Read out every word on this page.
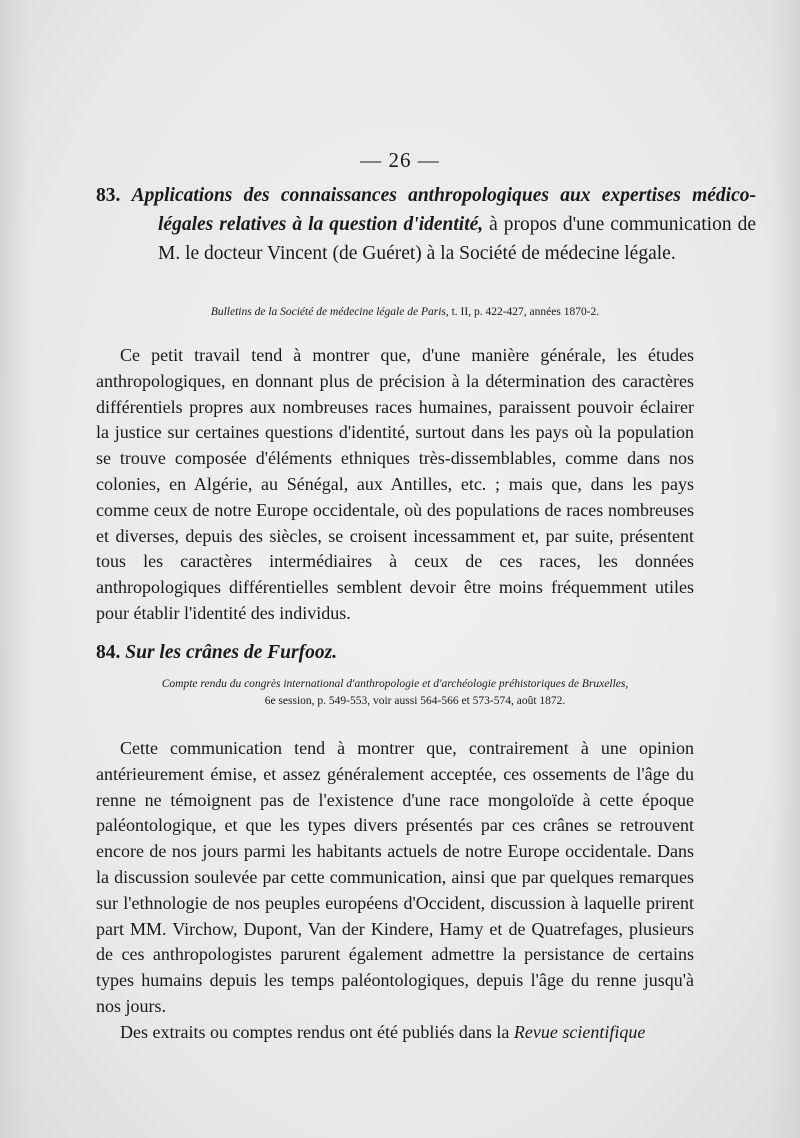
— 26 —

83. Applications des connaissances anthropologiques aux expertises médico-légales relatives à la question d'identité, à propos d'une communication de M. le docteur Vincent (de Guéret) à la Société de médecine légale.

Bulletins de la Société de médecine légale de Paris, t. II, p. 422-427, années 1870-2.

Ce petit travail tend à montrer que, d'une manière générale, les études anthropologiques, en donnant plus de précision à la détermination des caractères différentiels propres aux nombreuses races humaines, paraissent pouvoir éclairer la justice sur certaines questions d'identité, surtout dans les pays où la population se trouve composée d'éléments ethniques très-dissemblables, comme dans nos colonies, en Algérie, au Sénégal, aux Antilles, etc. ; mais que, dans les pays comme ceux de notre Europe occidentale, où des populations de races nombreuses et diverses, depuis des siècles, se croisent incessamment et, par suite, présentent tous les caractères intermédiaires à ceux de ces races, les données anthropologiques différentielles semblent devoir être moins fréquemment utiles pour établir l'identité des individus.

84. Sur les crânes de Furfooz.

Compte rendu du congrès international d'anthropologie et d'archéologie préhistoriques de Bruxelles,
6e session, p. 549-553, voir aussi 564-566 et 573-574, août 1872.

Cette communication tend à montrer que, contrairement à une opinion antérieurement émise, et assez généralement acceptée, ces ossements de l'âge du renne ne témoignent pas de l'existence d'une race mongoloïde à cette époque paléontologique, et que les types divers présentés par ces crânes se retrouvent encore de nos jours parmi les habitants actuels de notre Europe occidentale. Dans la discussion soulevée par cette communication, ainsi que par quelques remarques sur l'ethnologie de nos peuples européens d'Occident, discussion à laquelle prirent part MM. Virchow, Dupont, Van der Kindere, Hamy et de Quatrefages, plusieurs de ces anthropologistes parurent également admettre la persistance de certains types humains depuis les temps paléontologiques, depuis l'âge du renne jusqu'à nos jours.

Des extraits ou comptes rendus ont été publiés dans la Revue scientifique
